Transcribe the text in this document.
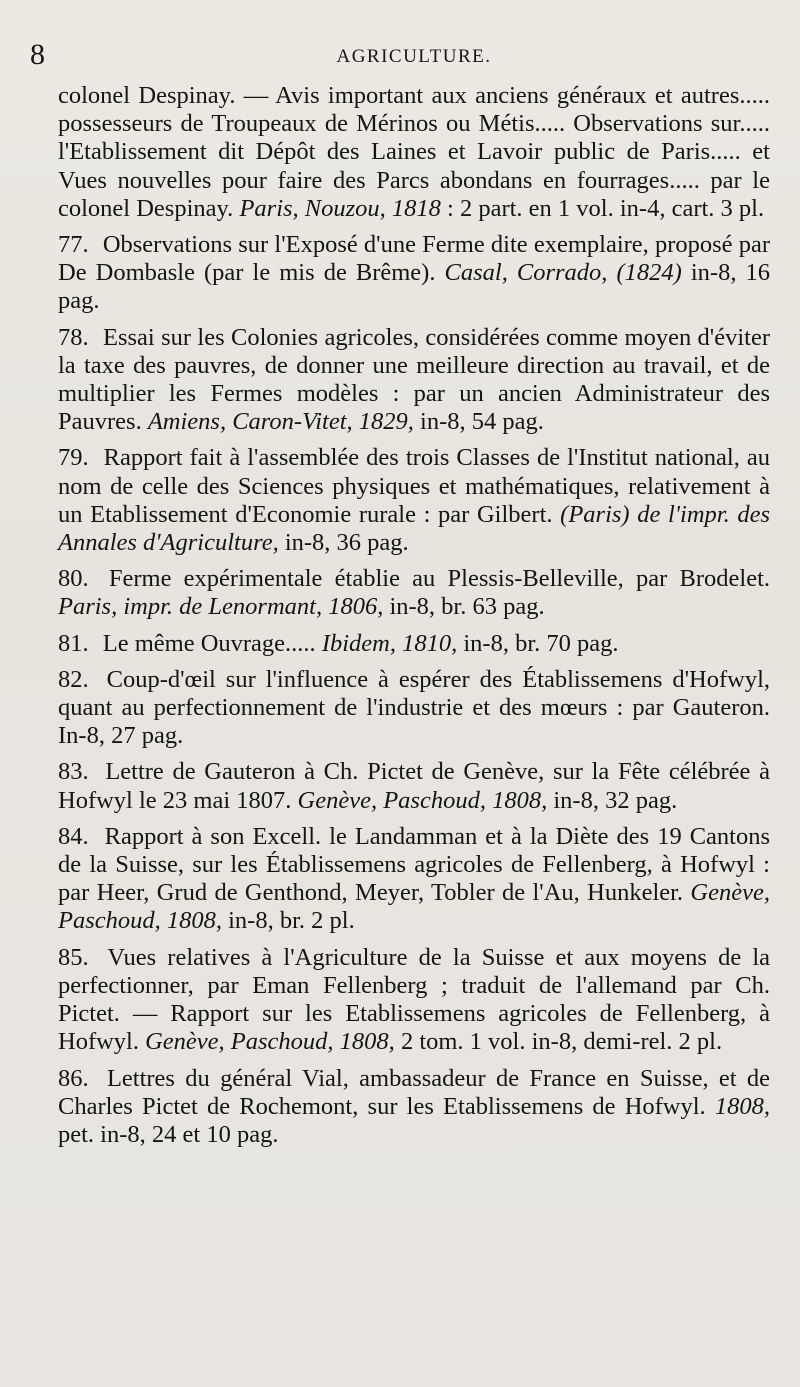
8	AGRICULTURE.

colonel Despinay. — Avis important aux anciens généraux et autres..... possesseurs de Troupeaux de Mérinos ou Métis..... Observations sur..... l'Etablissement dit Dépôt des Laines et Lavoir public de Paris..... et Vues nouvelles pour faire des Parcs abondans en fourrages..... par le colonel Despinay. Paris, Nouzou, 1818 : 2 part. en 1 vol. in-4, cart. 3 pl.

77. Observations sur l'Exposé d'une Ferme dite exemplaire, proposé par De Dombasle (par le mis de Brême). Casal, Corrado, (1824) in-8, 16 pag.

78. Essai sur les Colonies agricoles, considérées comme moyen d'éviter la taxe des pauvres, de donner une meilleure direction au travail, et de multiplier les Fermes modèles : par un ancien Administrateur des Pauvres. Amiens, Caron-Vitet, 1829, in-8, 54 pag.

79. Rapport fait à l'assemblée des trois Classes de l'Institut national, au nom de celle des Sciences physiques et mathématiques, relativement à un Etablissement d'Economie rurale : par Gilbert. (Paris) de l'impr. des Annales d'Agriculture, in-8, 36 pag.

80. Ferme expérimentale établie au Plessis-Belleville, par Brodelet. Paris, impr. de Lenormant, 1806, in-8, br. 63 pag.

81. Le même Ouvrage..... Ibidem, 1810, in-8, br. 70 pag.

82. Coup-d'œil sur l'influence à espérer des Établissemens d'Hofwyl, quant au perfectionnement de l'industrie et des mœurs : par Gauteron. In-8, 27 pag.

83. Lettre de Gauteron à Ch. Pictet de Genève, sur la Fête célébrée à Hofwyl le 23 mai 1807. Genève, Paschoud, 1808, in-8, 32 pag.

84. Rapport à son Excell. le Landamman et à la Diète des 19 Cantons de la Suisse, sur les Établissemens agricoles de Fellenberg, à Hofwyl : par Heer, Grud de Genthond, Meyer, Tobler de l'Au, Hunkeler. Genève, Paschoud, 1808, in-8, br. 2 pl.

85. Vues relatives à l'Agriculture de la Suisse et aux moyens de la perfectionner, par Eman Fellenberg ; traduit de l'allemand par Ch. Pictet. — Rapport sur les Etablissemens agricoles de Fellenberg, à Hofwyl. Genève, Paschoud, 1808, 2 tom. 1 vol. in-8, demi-rel. 2 pl.

86. Lettres du général Vial, ambassadeur de France en Suisse, et de Charles Pictet de Rochemont, sur les Etablissemens de Hofwyl. 1808, pet. in-8, 24 et 10 pag.
